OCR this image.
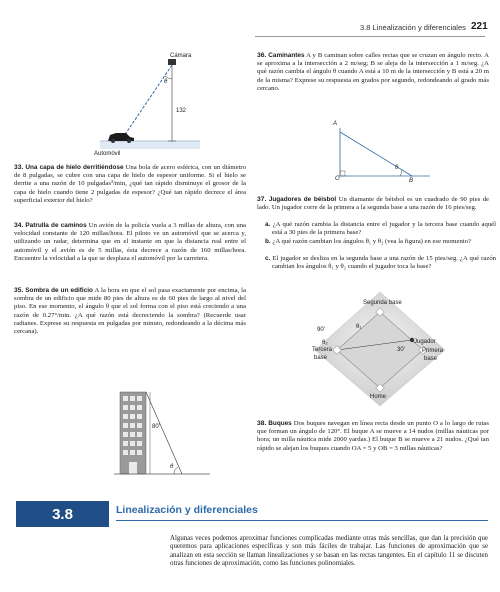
3.8 Linealización y diferenciales 221
Cámara
θ
132
Automóvil
33. Una capa de hielo derritiéndose Una bola de acero esférica, con un diámetro de 8 pulgadas, se cubre con una capa de hielo de espesor uniforme. Si el hielo se derrite a una razón de 10 pulgadas³/min, ¿qué tan rápido disminuye el grosor de la capa de hielo cuando tiene 2 pulgadas de espesor? ¿Qué tan rápido decrece el área superficial exterior del hielo?
34. Patrulla de caminos Un avión de la policía vuela a 3 millas de altura, con una velocidad constante de 120 millas/hora. El piloto ve un automóvil que se acerca y, utilizando un radar, determina que en el instante en que la distancia real entre el automóvil y el avión es de 5 millas, ésta decrece a razón de 160 millas/hora. Encuentre la velocidad a la que se desplaza el automóvil por la carretera.
35. Sombra de un edificio A la hora en que el sol pasa exactamente por encima, la sombra de un edificio que mide 80 pies de altura es de 60 pies de largo al nivel del piso. En ese momento, el ángulo θ que el sol forma con el piso está creciendo a una razón de 0.27°/min. ¿A qué razón está decreciendo la sombra? (Recuerde usar radianes. Exprese su respuesta en pulgadas por minuto, redondeando a la décima más cercana).
80'
θ
36. Caminantes A y B caminan sobre calles rectas que se cruzan en ángulo recto. A se aproxima a la intersección a 2 m/seg; B se aleja de la intersección a 1 m/seg. ¿A qué razón cambia el ángulo θ cuando A está a 10 m de la intersección y B está a 20 m de la misma? Exprese su respuesta en grados por segundo, redondeando al grado más cercano.
A
O	B
θ
37. Jugadores de béisbol Un diamante de béisbol es un cuadrado de 90 pies de lado. Un jugador corre de la primera a la segunda base a una razón de 16 pies/seg.
a. ¿A qué razón cambia la distancia entre el jugador y la tercera base cuando aquél está a 30 pies de la primera base?
b. ¿A qué razón cambian los ángulos θ₁ y θ₂ (vea la figura) en ese momento?
c. El jugador se desliza en la segunda base a una razón de 15 pies/seg. ¿A qué razón cambian los ángulos θ₁ y θ₂ cuando el jugador toca la base?
Segunda base
θ₁
90'
θ₂	Jugador
30'
Tercera
base
Primera
base
Home
38. Buques Dos buques navegan en línea recta desde un punto O a lo largo de rutas que forman un ángulo de 120°. El buque A se mueve a 14 nudos (millas náuticas por hora; un milla náutica mide 2000 yardas.) El buque B se mueve a 21 nudos. ¿Qué tan rápido se alejan los buques cuando OA = 5 y OB = 3 millas náuticas?
3.8	Linealización y diferenciales
Algunas veces podemos aproximar funciones complicadas mediante otras más sencillas, que dan la precisión que queremos para aplicaciones específicas y son más fáciles de trabajar. Las funciones de aproximación que se analizan en esta sección se llaman linealizaciones y se basan en las rectas tangentes. En el capítulo 11 se discuten otras funciones de aproximación, como las funciones polinomiales.
